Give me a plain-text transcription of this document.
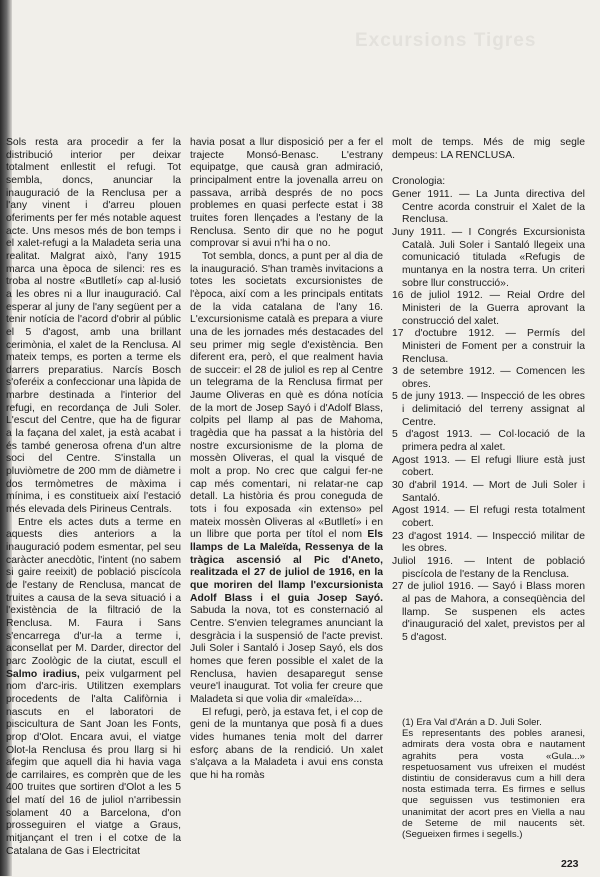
Excursions Tigres

Sols resta ara procedir a fer la distribució interior per deixar totalment enllestit el refugi. Tot sembla, doncs, anunciar la inauguració de la Renclusa per a l'any vinent i d'arreu plouen oferiments per fer més notable aquest acte. Uns mesos més de bon temps i el xalet-refugi a la Maladeta seria una realitat. Malgrat això, l'any 1915 marca una època de silenci: res es troba al nostre «Butlletí» cap al·lusió a les obres ni a llur inauguració. Cal esperar al juny de l'any següent per a tenir notícia de l'acord d'obrir al públic el 5 d'agost, amb una brillant cerimònia, el xalet de la Renclusa. Al mateix temps, es porten a terme els darrers preparatius. Narcís Bosch s'oferéix a confeccionar una làpida de marbre destinada a l'interior del refugi, en recordança de Juli Soler. L'escut del Centre, que ha de figurar a la façana del xalet, ja està acabat i és també generosa ofrena d'un altre soci del Centre. S'installa un pluviòmetre de 200 mm de diàmetre i dos termòmetres de màxima i mínima, i es constitueix així l'estació més elevada dels Pirineus Centrals.

Entre els actes duts a terme en aquests dies anteriors a la inauguració podem esmentar, pel seu caràcter anecdòtic, l'intent (no sabem si gaire reeixit) de població piscícola de l'estany de Renclusa, mancat de truites a causa de la seva situació i a l'existència de la filtració de la Renclusa. M. Faura i Sans s'encarrega d'ur-la a terme i, aconsellat per M. Darder, director del parc Zoològic de la ciutat, escull el Salmo iradius, peix vulgarment pel nom d'arc-iris. Utilitzen exemplars procedents de l'alta Califòrnia i nascuts en el laboratori de piscicultura de Sant Joan les Fonts, prop d'Olot. Encara avui, el viatge Olot-la Renclusa és prou llarg si hi afegim que aquell dia hi havia vaga de carrilaires, es comprèn que de les 400 truites que sortiren d'Olot a les 5 del matí del 16 de juliol n'arribessin solament 40 a Barcelona, d'on prosseguiren el viatge a Graus, mitjançant el tren i el cotxe de la Catalana de Gas i Electricitat

havia posat a llur disposició per a fer el trajecte Monsó-Benasc. L'estrany equipatge, que causà gran admiració, principalment entre la jovenalla arreu on passava, arribà després de no pocs problemes en quasi perfecte estat i 38 truites foren llençades a l'estany de la Renclusa. Sento dir que no he pogut comprovar si avui n'hi ha o no.

Tot sembla, doncs, a punt per al dia de la inauguració. S'han tramès invitacions a totes les societats excursionistes de l'època, així com a les principals entitats de la vida catalana de l'any 16. L'excursionisme català es prepara a viure una de les jornades més destacades del seu primer mig segle d'existència. Ben diferent era, però, el que realment havia de succeir: el 28 de juliol es rep al Centre un telegrama de la Renclusa firmat per Jaume Oliveras en què es dóna notícia de la mort de Josep Sayó i d'Adolf Blass, colpits pel llamp al pas de Mahoma, tragèdia que ha passat a la història del nostre excursionisme de la ploma de mossèn Oliveras, el qual la visqué de molt a prop. No crec que calgui fer-ne cap més comentari, ni relatar-ne cap detall. La història és prou coneguda de tots i fou exposada «in extenso» pel mateix mossèn Oliveras al «Butlletí» i en un llibre que porta per títol el nom Els llamps de La Maleïda, Ressenya de la tràgica ascensió al Pic d'Aneto, realitzada el 27 de juliol de 1916, en la que moriren del llamp l'excursionista Adolf Blass i el guia Josep Sayó. Sabuda la nova, tot es consternació al Centre. S'envien telegrames anunciant la desgràcia i la suspensió de l'acte previst. Juli Soler i Santaló i Josep Sayó, els dos homes que feren possible el xalet de la Renclusa, havien desaparegut sense veure'l inaugurat. Tot volia fer creure que Maladeta si que volia dir «maleïda»...

El refugi, però, ja estava fet, i el cop de geni de la muntanya que posà fi a dues vides humanes tenia molt del darrer esforç abans de la rendició. Un xalet s'alçava a la Maladeta i avui ens consta que hi ha romàs

molt de temps. Més de mig segle dempeus: LA RENCLUSA.

Cronologia:

Gener 1911. — La Junta directiva del Centre acorda construir el Xalet de la Renclusa.

Juny 1911. — I Congrés Excursionista Català. Juli Soler i Santaló llegeix una comunicació titulada «Refugis de muntanya en la nostra terra. Un criteri sobre llur construcció».

16 de juliol 1912. — Reial Ordre del Ministeri de la Guerra aprovant la construcció del xalet.

17 d'octubre 1912. — Permís del Ministeri de Foment per a construir la Renclusa.

3 de setembre 1912. — Comencen les obres.

5 de juny 1913. — Inspecció de les obres i delimitació del terreny assignat al Centre.

5 d'agost 1913. — Col·locació de la primera pedra al xalet.

Agost 1913. — El refugi lliure està just cobert.

30 d'abril 1914. — Mort de Juli Soler i Santaló.

Agost 1914. — El refugi resta totalment cobert.

23 d'agost 1914. — Inspecció militar de les obres.

Juliol 1916. — Intent de població piscícola de l'estany de la Renclusa.

27 de juliol 1916. — Sayó i Blass moren al pas de Mahora, a conseqüència del llamp. Se suspenen els actes d'inauguració del xalet, previstos per al 5 d'agost.

(1) Era Val d'Arán a D. Juli Soler.

Es representants des pobles aranesi, admirats dera vosta obra e nautament agrahits pera vosta «Gula...» respetuosament vus ufreixen el mudést distintiu de consideravus cum a hill dera nosta estimada terra. Es firmes e sellus que seguissen vus testimonien era unanimitat der acort pres en Viella a nau de Seteme de mil naucents sèt. (Segueixen firmes i segells.)

223
